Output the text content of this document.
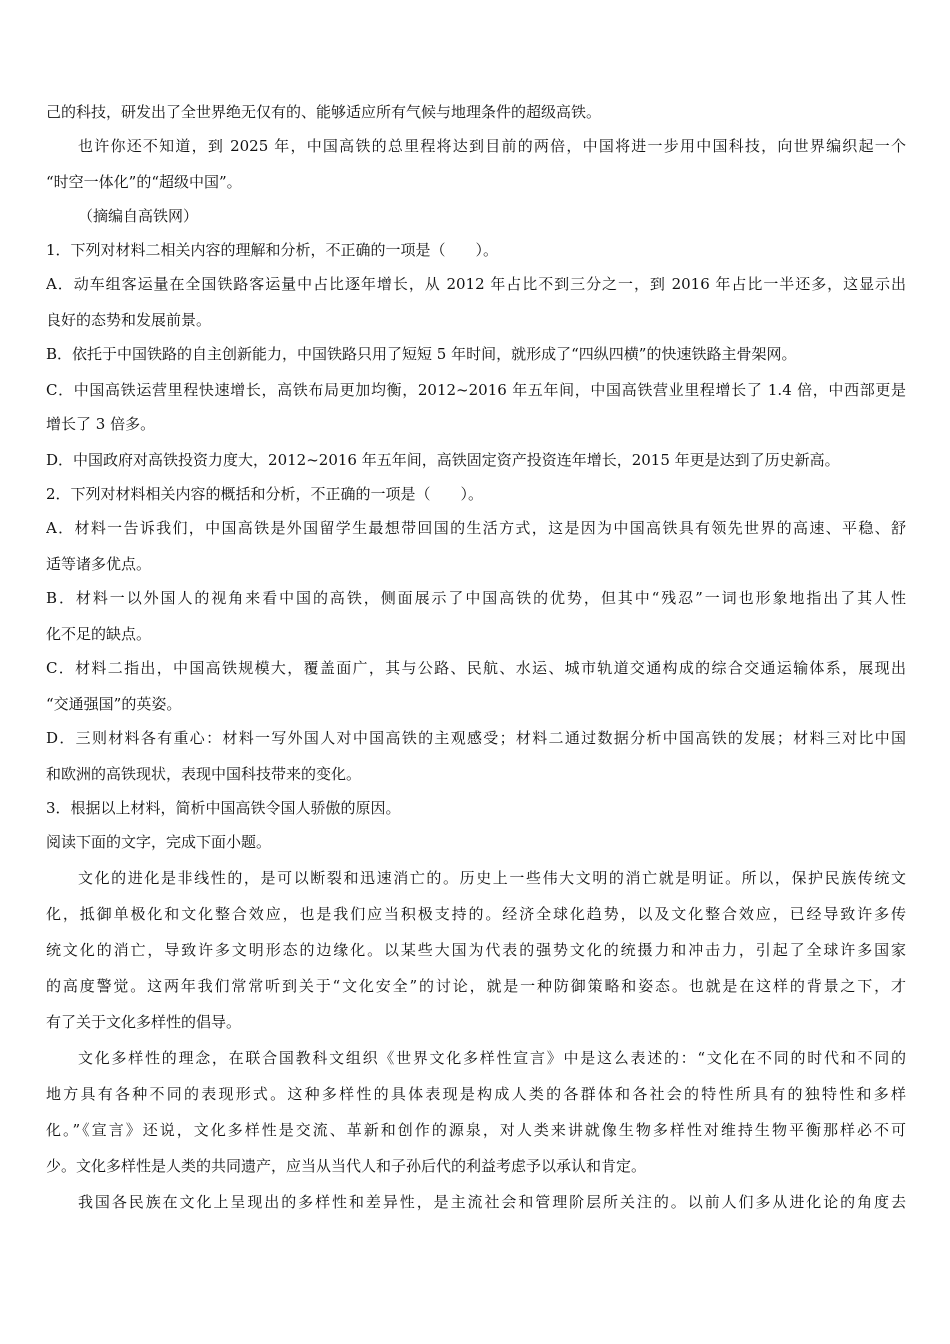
己的科技，研发出了全世界绝无仅有的、能够适应所有气候与地理条件的超级高铁。
也许你还不知道，到 2025 年，中国高铁的总里程将达到目前的两倍，中国将进一步用中国科技，向世界编织起一个
“时空一体化”的“超级中国”。
（摘编自高铁网）
1．下列对材料二相关内容的理解和分析，不正确的一项是（　　）。
A．动车组客运量在全国铁路客运量中占比逐年增长，从 2012 年占比不到三分之一，到 2016 年占比一半还多，这显示出
良好的态势和发展前景。
B．依托于中国铁路的自主创新能力，中国铁路只用了短短 5 年时间，就形成了“四纵四横”的快速铁路主骨架网。
C．中国高铁运营里程快速增长，高铁布局更加均衡，2012~2016 年五年间，中国高铁营业里程增长了 1.4 倍，中西部更是
增长了 3 倍多。
D．中国政府对高铁投资力度大，2012~2016 年五年间，高铁固定资产投资连年增长，2015 年更是达到了历史新高。
2．下列对材料相关内容的概括和分析，不正确的一项是（　　）。
A．材料一告诉我们，中国高铁是外国留学生最想带回国的生活方式，这是因为中国高铁具有领先世界的高速、平稳、舒
适等诸多优点。
B．材料一以外国人的视角来看中国的高铁，侧面展示了中国高铁的优势，但其中“残忍”一词也形象地指出了其人性
化不足的缺点。
C．材料二指出，中国高铁规模大，覆盖面广，其与公路、民航、水运、城市轨道交通构成的综合交通运输体系，展现出
“交通强国”的英姿。
D．三则材料各有重心：材料一写外国人对中国高铁的主观感受；材料二通过数据分析中国高铁的发展；材料三对比中国
和欧洲的高铁现状，表现中国科技带来的变化。
3．根据以上材料，简析中国高铁令国人骄傲的原因。
阅读下面的文字，完成下面小题。
文化的进化是非线性的，是可以断裂和迅速消亡的。历史上一些伟大文明的消亡就是明证。所以，保护民族传统文
化，抵御单极化和文化整合效应，也是我们应当积极支持的。经济全球化趋势，以及文化整合效应，已经导致许多传
统文化的消亡，导致许多文明形态的边缘化。以某些大国为代表的强势文化的统摄力和冲击力，引起了全球许多国家
的高度警觉。这两年我们常常听到关于“文化安全”的讨论，就是一种防御策略和姿态。也就是在这样的背景之下，才
有了关于文化多样性的倡导。
文化多样性的理念，在联合国教科文组织《世界文化多样性宣言》中是这么表述的：“文化在不同的时代和不同的
地方具有各种不同的表现形式。这种多样性的具体表现是构成人类的各群体和各社会的特性所具有的独特性和多样
化。”《宣言》还说，文化多样性是交流、革新和创作的源泉，对人类来讲就像生物多样性对维持生物平衡那样必不可
少。文化多样性是人类的共同遗产，应当从当代人和子孙后代的利益考虑予以承认和肯定。
我国各民族在文化上呈现出的多样性和差异性，是主流社会和管理阶层所关注的。以前人们多从进化论的角度去
